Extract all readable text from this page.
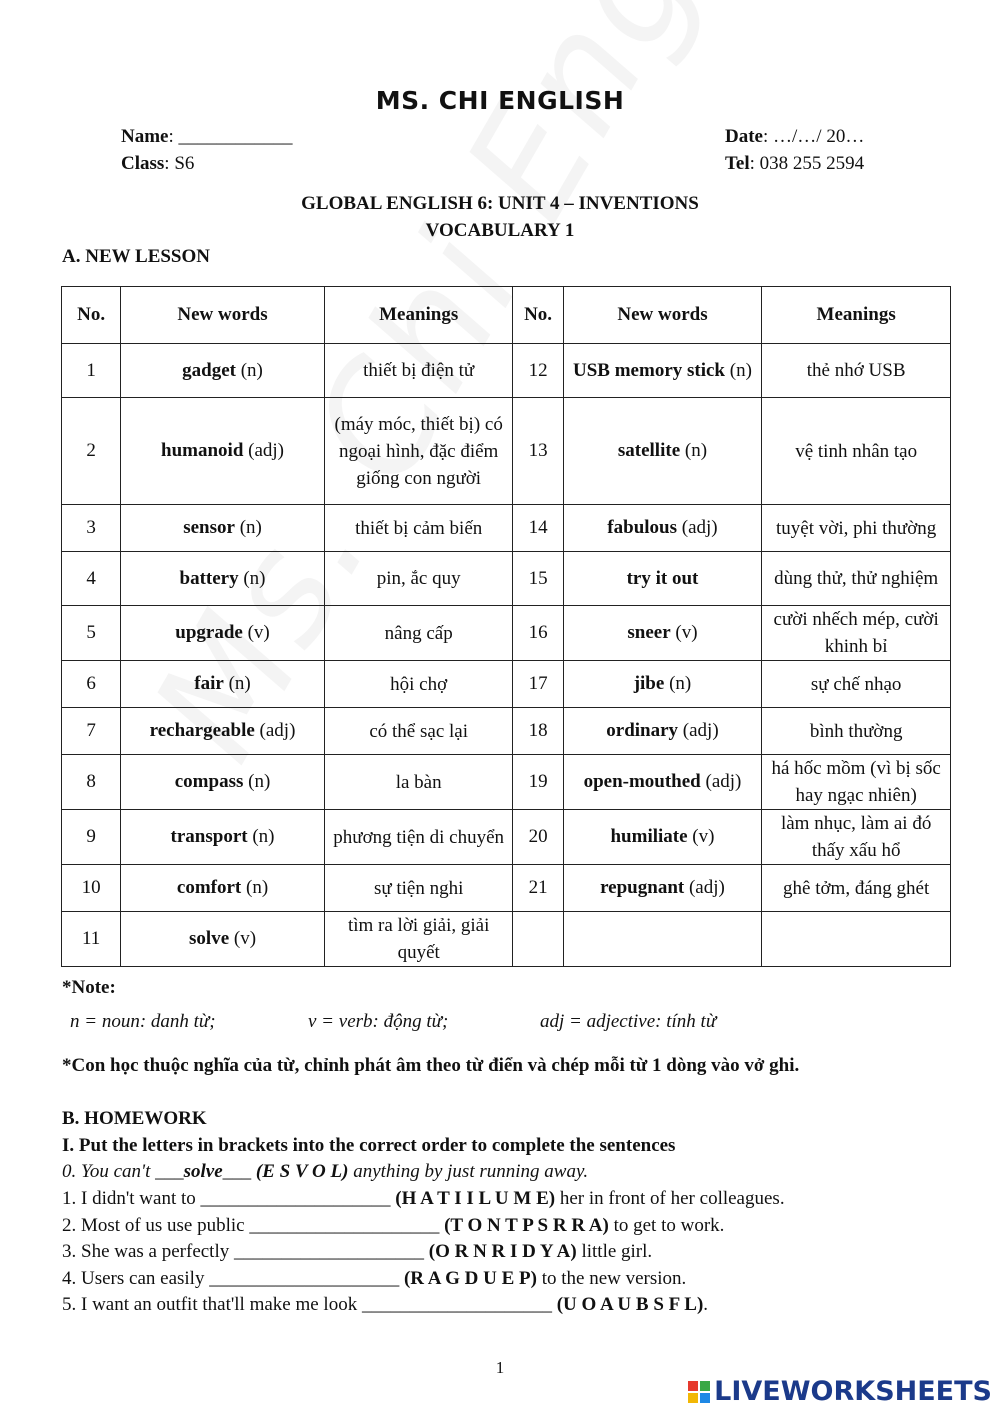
MS. CHI ENGLISH
Name: ____________	Date: …/…/ 20…
Class: S6	Tel: 038 255 2594
GLOBAL ENGLISH 6: UNIT 4 – INVENTIONS
VOCABULARY 1
A. NEW LESSON
No.	New words	Meanings	No.	New words	Meanings
1	gadget (n)	thiết bị điện tử	12	USB memory stick (n)	thẻ nhớ USB
2	humanoid (adj)	(máy móc, thiết bị) có ngoại hình, đặc điểm giống con người	13	satellite (n)	vệ tinh nhân tạo
3	sensor (n)	thiết bị cảm biến	14	fabulous (adj)	tuyệt vời, phi thường
4	battery (n)	pin, ắc quy	15	try it out	dùng thử, thử nghiệm
5	upgrade (v)	nâng cấp	16	sneer (v)	cười nhếch mép, cười khinh bỉ
6	fair (n)	hội chợ	17	jibe (n)	sự chế nhạo
7	rechargeable (adj)	có thể sạc lại	18	ordinary (adj)	bình thường
8	compass (n)	la bàn	19	open-mouthed (adj)	há hốc mồm (vì bị sốc hay ngạc nhiên)
9	transport (n)	phương tiện di chuyển	20	humiliate (v)	làm nhục, làm ai đó thấy xấu hổ
10	comfort (n)	sự tiện nghi	21	repugnant (adj)	ghê tởm, đáng ghét
11	solve (v)	tìm ra lời giải, giải quyết			
*Note:
n = noun: danh từ;	v = verb: động từ;	adj = adjective: tính từ
*Con học thuộc nghĩa của từ, chỉnh phát âm theo từ điển và chép mỗi từ 1 dòng vào vở ghi.
B. HOMEWORK
I. Put the letters in brackets into the correct order to complete the sentences
0. You can't ___solve___ (E S V O L) anything by just running away.
1. I didn't want to ____________________ (H A T I I L U M E) her in front of her colleagues.
2. Most of us use public ____________________ (T O N T P S R R A) to get to work.
3. She was a perfectly ____________________ (O R N R I D Y A) little girl.
4. Users can easily ____________________ (R A G D U E P) to the new version.
5. I want an outfit that'll make me look ____________________ (U O A U B S F L).
1
LIVEWORKSHEETS
